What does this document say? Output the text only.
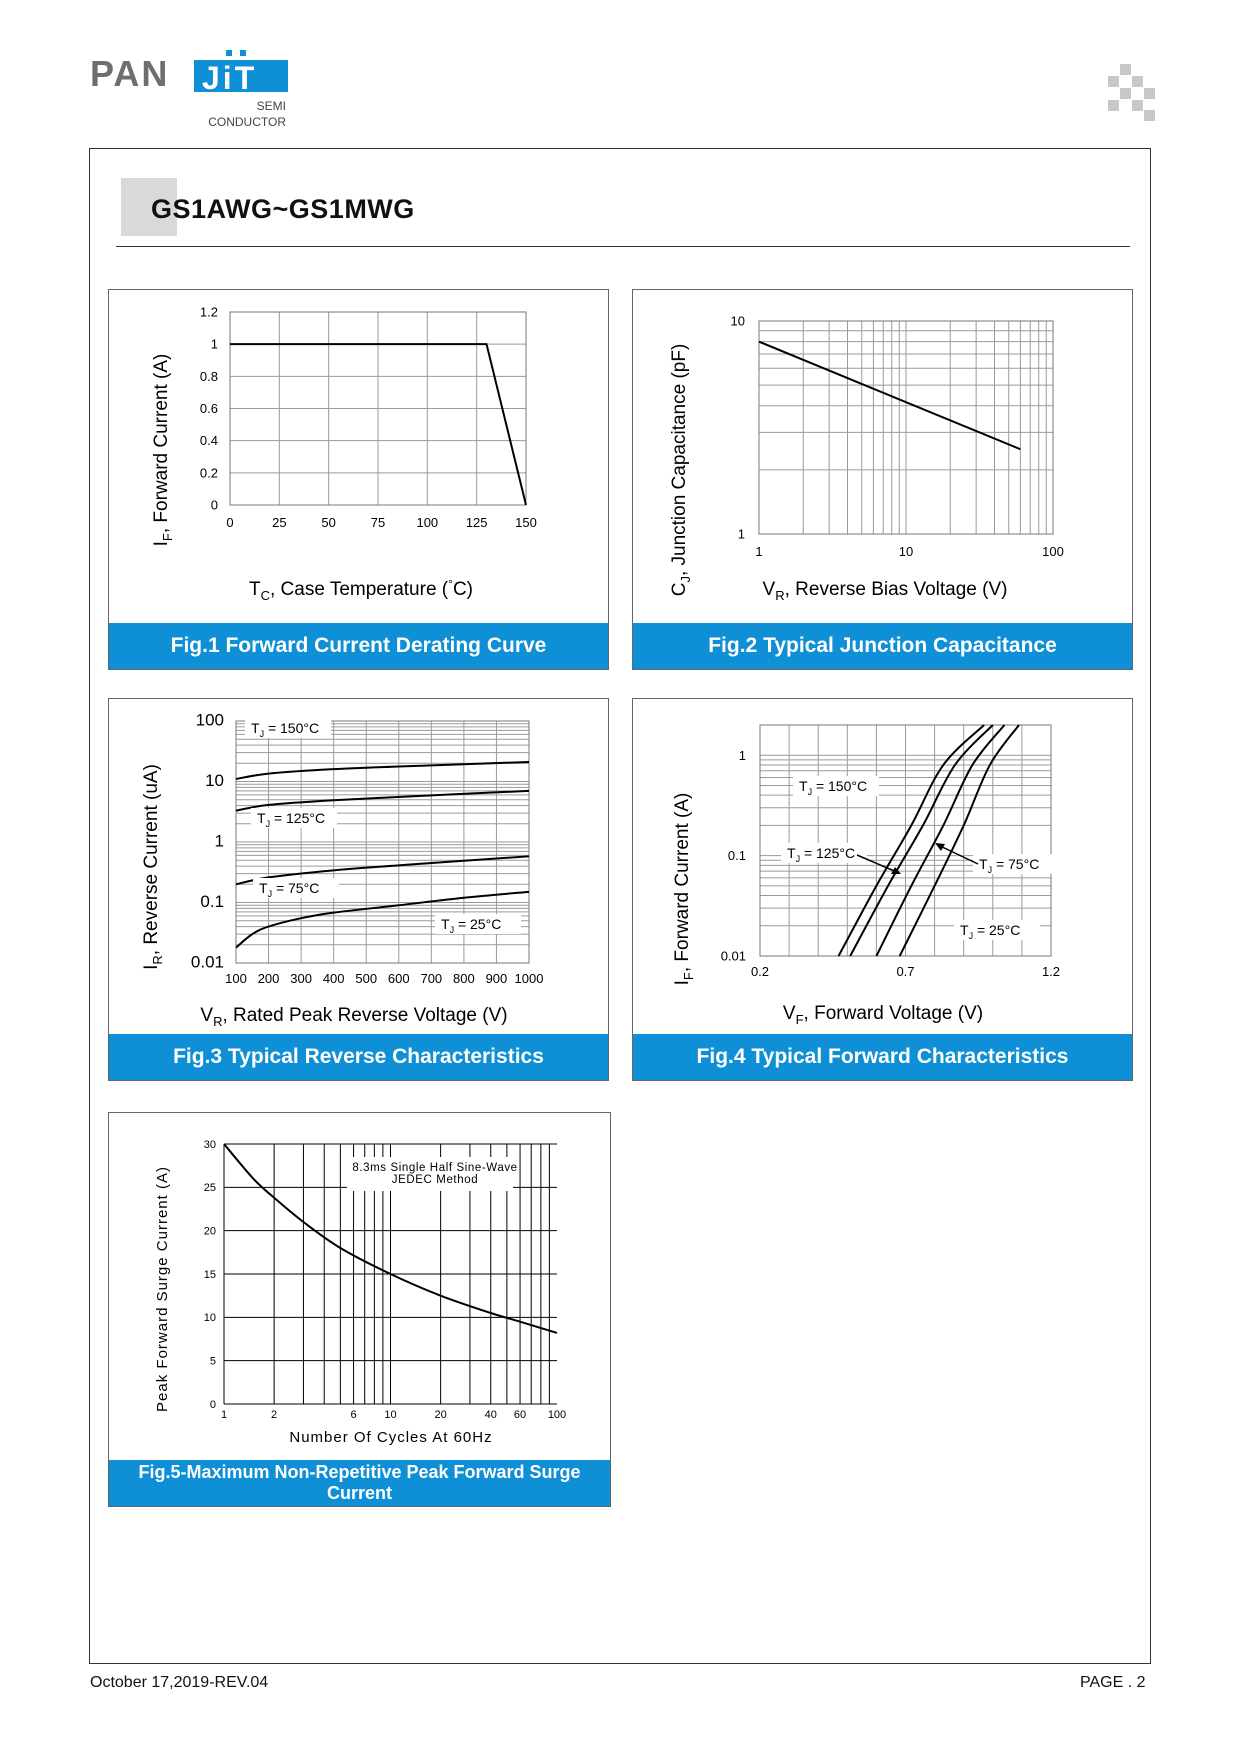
PAN JiT
SEMI
CONDUCTOR
GS1AWG~GS1MWG
0	25	50	75 100 125 150
0
0.2
0.4
0.6
0.8
1
1.2
$I_F$, Forward Current (A)
$T_C$, Case Temperature (°C)
Fig.1 Forward Current Derating Curve
1	10	100
1
10
$C_J$, Junction Capacitance (pF)
$V_R$, Reverse Bias Voltage (V)
Fig.2 Typical Junction Capacitance
100 200 300 400 500 600 700 800 900 1000
0.01
0.1
1
10
100 $T_J = 150^\circ C$
$T_J = 125^\circ C$
$T_J = 75^\circ C$
$T_J = 25^\circ C$
$I_R$, Reverse Current (uA)
$V_R$, Rated Peak Reverse Voltage (V)
Fig.3 Typical Reverse Characteristics
0.2	0.7	1.2
0.01
0.1
1
$T_J = 150^\circ C$
$T_J = 125^\circ C$
$T_J = 75^\circ C$
$T_J = 25^\circ C$
$I_F$, Forward Current (A)
$V_F$, Forward Voltage (V)
Fig.4 Typical Forward Characteristics
1	2	6	10	20	40 60 100
0
5
10
15
20
25
30
8.3ms Single Half Sine-Wave
JEDEC Method
Peak Forward Surge Current (A)
Number Of Cycles At 60Hz
Fig.5-Maximum Non-Repetitive Peak Forward Surge Current
October 17,2019-REV.04	PAGE . 2
